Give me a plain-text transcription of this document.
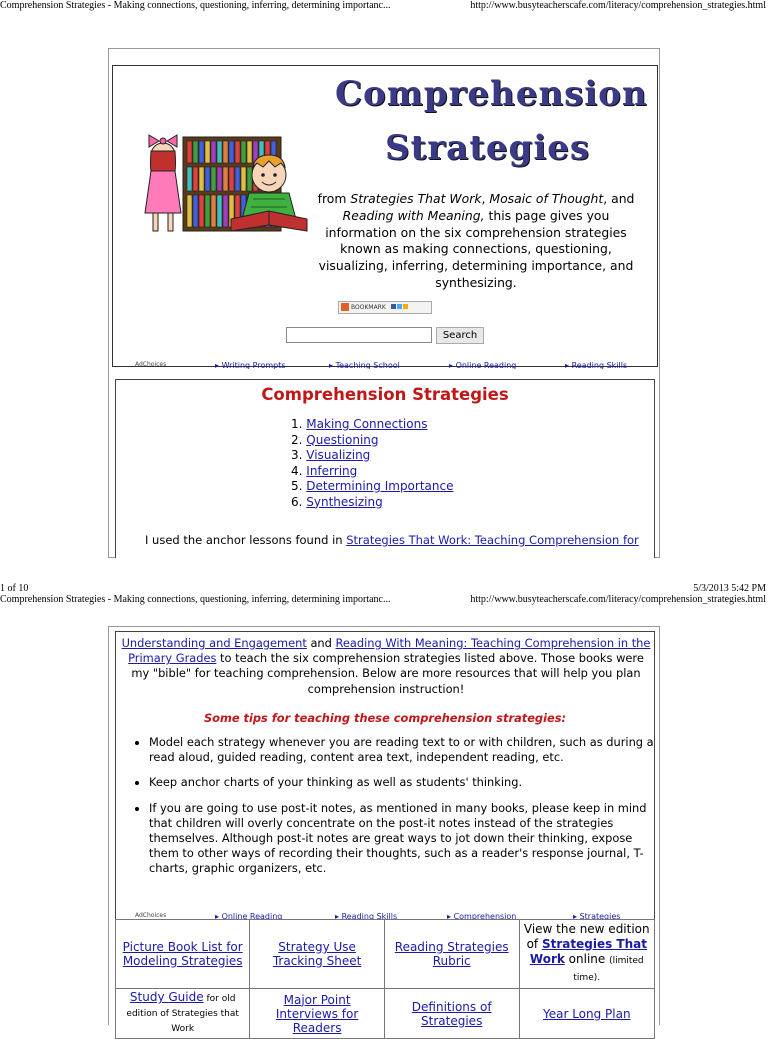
Comprehension Strategies - Making connections, questioning, inferring, determining importanc...	http://www.busyteacherscafe.com/literacy/comprehension_strategies.html
Comprehension
Strategies
from Strategies That Work, Mosaic of Thought, and Reading with Meaning, this page gives you information on the six comprehension strategies known as making connections, questioning, visualizing, inferring, determining importance, and synthesizing.
BOOKMARK
Search
AdChoices	▸ Writing Prompts	▸ Teaching School	▸ Online Reading	▸ Reading Skills
Comprehension Strategies
1. Making Connections
2. Questioning
3. Visualizing
4. Inferring
5. Determining Importance
6. Synthesizing
I used the anchor lessons found in Strategies That Work: Teaching Comprehension for
1 of 10	5/3/2013 5:42 PM
Comprehension Strategies - Making connections, questioning, inferring, determining importanc...	http://www.busyteacherscafe.com/literacy/comprehension_strategies.html
Understanding and Engagement and Reading With Meaning: Teaching Comprehension in the Primary Grades to teach the six comprehension strategies listed above. Those books were my "bible" for teaching comprehension. Below are more resources that will help you plan comprehension instruction!
Some tips for teaching these comprehension strategies:
• Model each strategy whenever you are reading text to or with children, such as during a read aloud, guided reading, content area text, independent reading, etc.
• Keep anchor charts of your thinking as well as students' thinking.
• If you are going to use post-it notes, as mentioned in many books, please keep in mind that children will overly concentrate on the post-it notes instead of the strategies themselves. Although post-it notes are great ways to jot down their thinking, expose them to other ways of recording their thoughts, such as a reader's response journal, T-charts, graphic organizers, etc.
AdChoices	▸ Online Reading	▸ Reading Skills	▸ Comprehension	▸ Strategies
Picture Book List for Modeling Strategies	Strategy Use Tracking Sheet	Reading Strategies Rubric	View the new edition of Strategies That Work online (limited time).
Study Guide for old edition of Strategies that Work	Major Point Interviews for Readers	Definitions of Strategies	Year Long Plan
